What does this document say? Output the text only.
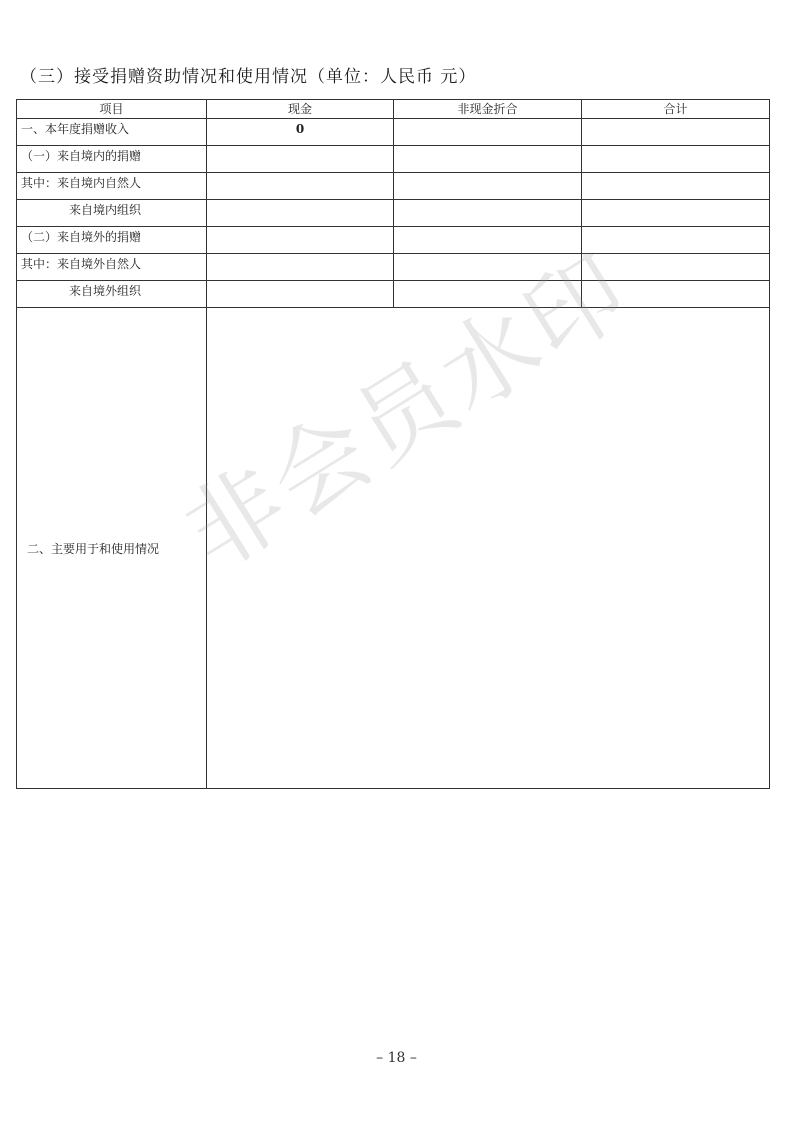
（三）接受捐赠资助情况和使用情况（单位：人民币 元）
项目	现金	非现金折合	合计
一、本年度捐赠收入	0		
（一）来自境内的捐赠			
其中：来自境内自然人			
来自境内组织			
（二）来自境外的捐赠			
其中：来自境外自然人			
来自境外组织			
二、主要用于和使用情况			非会员水印
– 18 –
